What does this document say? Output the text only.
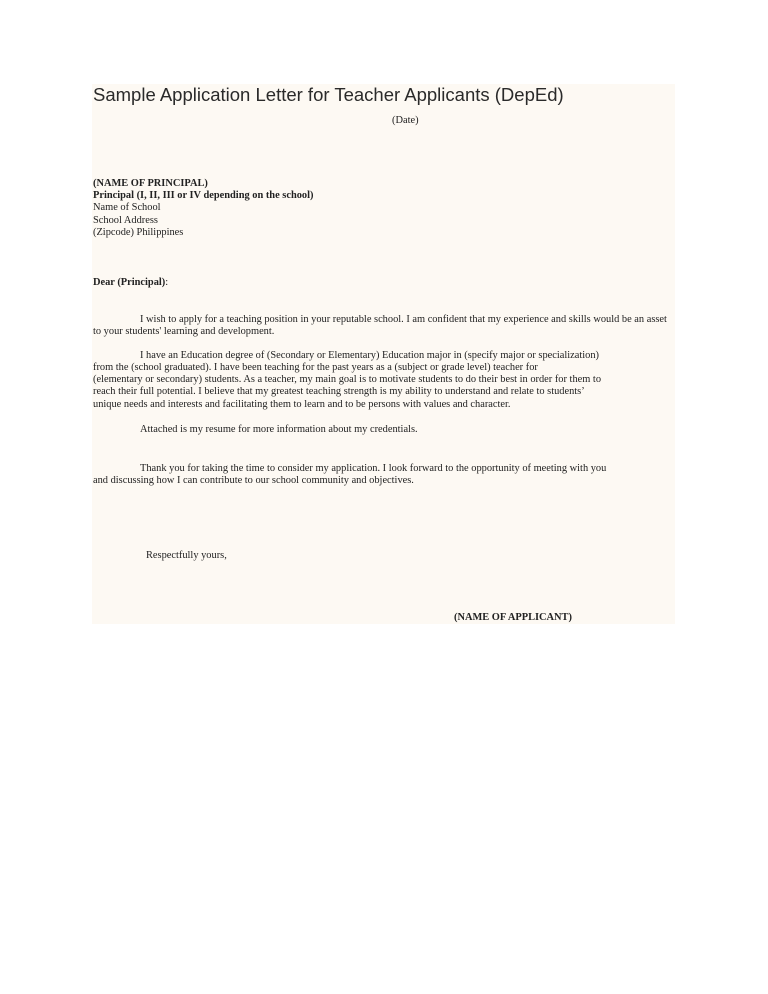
Sample Application Letter for Teacher Applicants (DepEd)
(Date)
(NAME OF PRINCIPAL)
Principal (I, II, III or IV depending on the school)
Name of School
School Address
(Zipcode) Philippines
Dear (Principal):

I wish to apply for a teaching position in your reputable school. I am confident that my experience and skills would be an asset to your students' learning and development.

I have an Education degree of (Secondary or Elementary) Education major in (specify major or specialization)
from the (school graduated). I have been teaching for the past years as a (subject or grade level) teacher for
(elementary or secondary) students. As a teacher, my main goal is to motivate students to do their best in order for them to
reach their full potential. I believe that my greatest teaching strength is my ability to understand and relate to students’
unique needs and interests and facilitating them to learn and to be persons with values and character.
Attached is my resume for more information about my credentials.
Thank you for taking the time to consider my application. I look forward to the opportunity of meeting with you
and discussing how I can contribute to our school community and objectives.
Respectfully yours,
(NAME OF APPLICANT)
